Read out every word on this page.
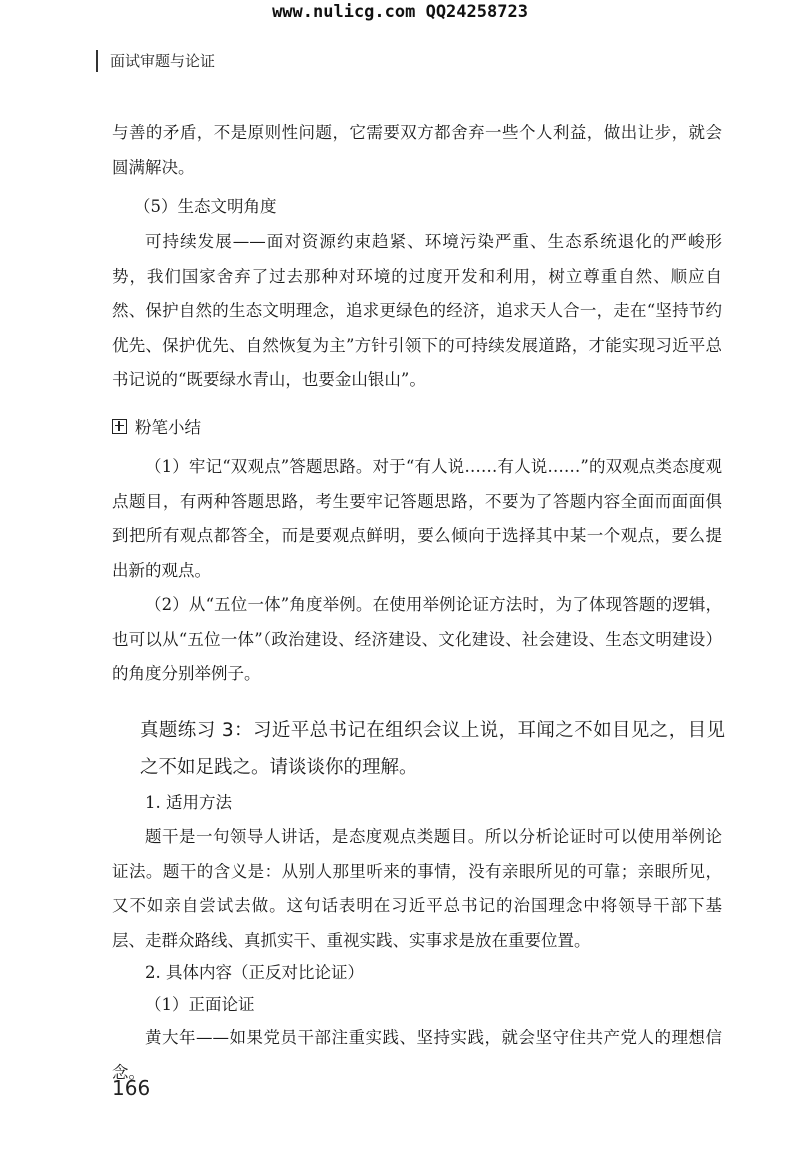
www.nulicg.com QQ24258723
面试审题与论证

与善的矛盾，不是原则性问题，它需要双方都舍弃一些个人利益，做出让步，就会圆满解决。

（5）生态文明角度

可持续发展——面对资源约束趋紧、环境污染严重、生态系统退化的严峻形势，我们国家舍弃了过去那种对环境的过度开发和利用，树立尊重自然、顺应自然、保护自然的生态文明理念，追求更绿色的经济，追求天人合一，走在“坚持节约优先、保护优先、自然恢复为主”方针引领下的可持续发展道路，才能实现习近平总书记说的“既要绿水青山，也要金山银山”。

粉笔小结

（1）牢记“双观点”答题思路。对于“有人说……有人说……”的双观点类态度观点题目，有两种答题思路，考生要牢记答题思路，不要为了答题内容全面而面面俱到把所有观点都答全，而是要观点鲜明，要么倾向于选择其中某一个观点，要么提出新的观点。

（2）从“五位一体”角度举例。在使用举例论证方法时，为了体现答题的逻辑，也可以从“五位一体”（政治建设、经济建设、文化建设、社会建设、生态文明建设）的角度分别举例子。

真题练习 3：习近平总书记在组织会议上说，耳闻之不如目见之，目见之不如足践之。请谈谈你的理解。

1. 适用方法

题干是一句领导人讲话，是态度观点类题目。所以分析论证时可以使用举例论证法。题干的含义是：从别人那里听来的事情，没有亲眼所见的可靠；亲眼所见，又不如亲自尝试去做。这句话表明在习近平总书记的治国理念中将领导干部下基层、走群众路线、真抓实干、重视实践、实事求是放在重要位置。

2. 具体内容（正反对比论证）

（1）正面论证

黄大年——如果党员干部注重实践、坚持实践，就会坚守住共产党人的理想信念。

166
